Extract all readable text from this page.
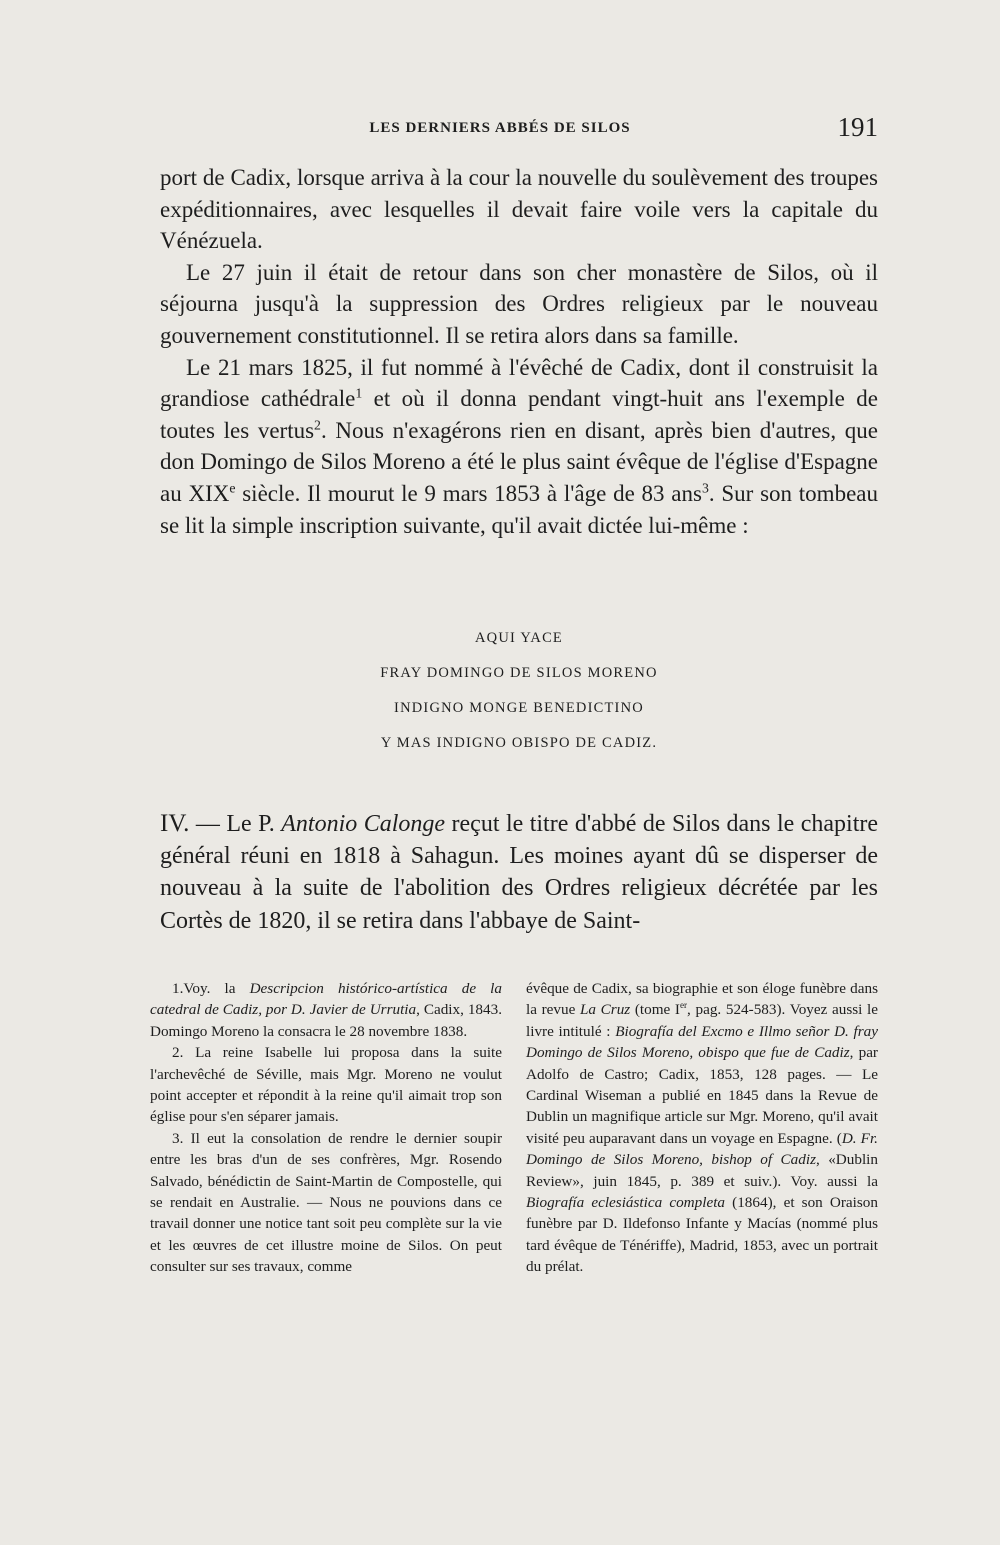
LES DERNIERS ABBÉS DE SILOS	191

port de Cadix, lorsque arriva à la cour la nouvelle du soulèvement des troupes expéditionnaires, avec lesquelles il devait faire voile vers la capitale du Vénézuela.

Le 27 juin il était de retour dans son cher monastère de Silos, où il séjourna jusqu'à la suppression des Ordres religieux par le nouveau gouvernement constitutionnel. Il se retira alors dans sa famille.

Le 21 mars 1825, il fut nommé à l'évêché de Cadix, dont il construisit la grandiose cathédrale$^1$ et où il donna pendant vingt-huit ans l'exemple de toutes les vertus$^2$. Nous n'exagérons rien en disant, après bien d'autres, que don Domingo de Silos Moreno a été le plus saint évêque de l'église d'Espagne au XIXe siècle. Il mourut le 9 mars 1853 à l'âge de 83 ans$^3$. Sur son tombeau se lit la simple inscription suivante, qu'il avait dictée lui-même :

AQUI YACE
FRAY DOMINGO DE SILOS MORENO
INDIGNO MONGE BENEDICTINO
Y MAS INDIGNO OBISPO DE CADIZ.

IV. — Le P. Antonio Calonge reçut le titre d'abbé de Silos dans le chapitre général réuni en 1818 à Sahagun. Les moines ayant dû se disperser de nouveau à la suite de l'abolition des Ordres religieux décrétée par les Cortès de 1820, il se retira dans l'abbaye de Saint-

1.Voy. la Descripcion histórico-artística de la catedral de Cadiz, por D. Javier de Urrutia, Cadix, 1843. Domingo Moreno la consacra le 28 novembre 1838.

2. La reine Isabelle lui proposa dans la suite l'archevêché de Séville, mais Mgr. Moreno ne voulut point accepter et répondit à la reine qu'il aimait trop son église pour s'en séparer jamais.

3. Il eut la consolation de rendre le dernier soupir entre les bras d'un de ses confrères, Mgr. Rosendo Salvado, bénédictin de Saint-Martin de Compostelle, qui se rendait en Australie. — Nous ne pouvions dans ce travail donner une notice tant soit peu complète sur la vie et les œuvres de cet illustre moine de Silos. On peut consulter sur ses travaux, comme

évêque de Cadix, sa biographie et son éloge funèbre dans la revue La Cruz (tome Ier, pag. 524-583). Voyez aussi le livre intitulé : Biografía del Excmo e Illmo señor D. fray Domingo de Silos Moreno, obispo que fue de Cadiz, par Adolfo de Castro; Cadix, 1853, 128 pages. — Le Cardinal Wiseman a publié en 1845 dans la Revue de Dublin un magnifique article sur Mgr. Moreno, qu'il avait visité peu auparavant dans un voyage en Espagne. (D. Fr. Domingo de Silos Moreno, bishop of Cadiz, «Dublin Review», juin 1845, p. 389 et suiv.). Voy. aussi la Biografía eclesiástica completa (1864), et son Oraison funèbre par D. Ildefonso Infante y Macías (nommé plus tard évêque de Ténériffe), Madrid, 1853, avec un portrait du prélat.
